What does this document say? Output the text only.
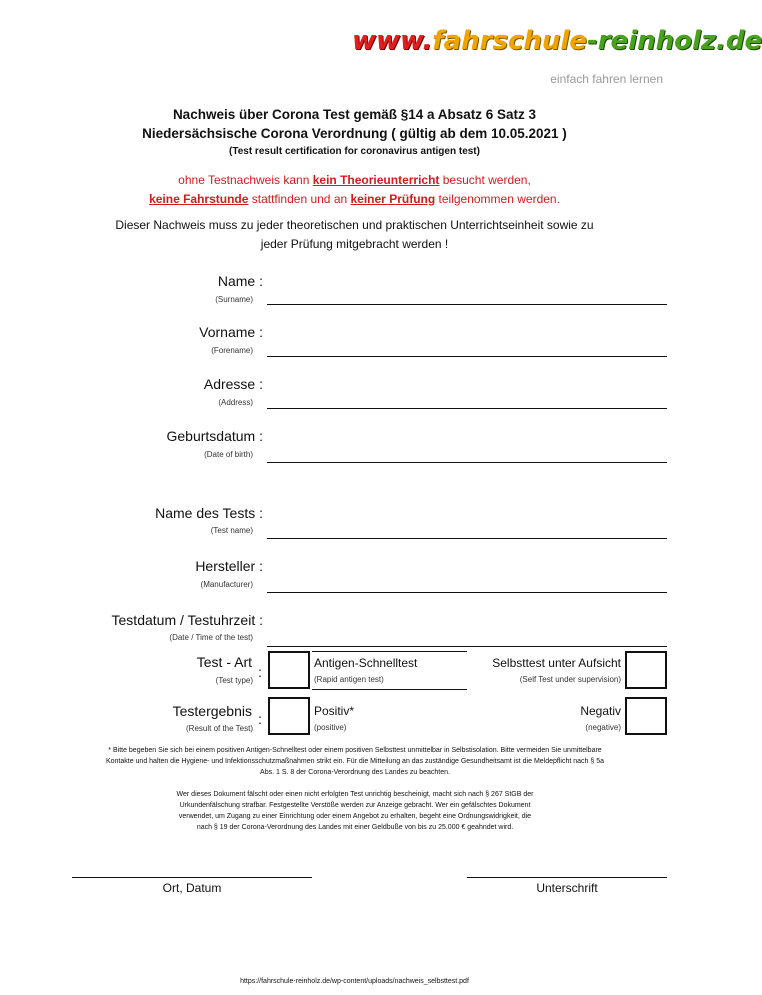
www.fahrschule-reinholz.de
einfach fahren lernen
Nachweis über Corona Test gemäß §14 a Absatz 6 Satz 3
Niedersächsische Corona Verordnung ( gültig ab dem 10.05.2021 )
(Test result certification for coronavirus antigen test)
ohne Testnachweis kann kein Theorieunterricht besucht werden,
keine Fahrstunde stattfinden und an keiner Prüfung teilgenommen werden.
Dieser Nachweis muss zu jeder theoretischen und praktischen Unterrichtseinheit sowie zu
jeder Prüfung mitgebracht werden !
Name :
(Surname)
Vorname :
(Forename)
Adresse :
(Address)
Geburtsdatum :
(Date of birth)
Name des Tests :
(Test name)
Hersteller :
(Manufacturer)
Testdatum / Testuhrzeit :
(Date / Time of the test)
Test - Art
(Test type)
:
Antigen-Schnelltest
(Rapid antigen test)
Selbsttest unter Aufsicht
(Self Test under supervision)
Testergebnis
(Result of the Test)
:	Positiv*
(positive)
Negativ
(negative)
* Bitte begeben Sie sich bei einem positiven Antigen-Schnelltest oder einem positiven Selbsttest unmittelbar in Selbstisolation. Bitte vermeiden Sie unmittelbare
Kontakte und halten die Hygiene- und Infektionsschutzmaßnahmen strikt ein. Für die Mitteilung an das zuständige Gesundheitsamt ist die Meldepflicht nach § 5a
Abs. 1 S. 8 der Corona-Verordnung des Landes zu beachten.
Wer dieses Dokument fälscht oder einen nicht erfolgten Test unrichtig bescheinigt, macht sich nach § 267 StGB der
Urkundenfälschung strafbar. Festgestellte Verstöße werden zur Anzeige gebracht. Wer ein gefälschtes Dokument
verwendet, um Zugang zu einer Einrichtung oder einem Angebot zu erhalten, begeht eine Ordnungswidrigkeit, die
nach § 19 der Corona-Verordnung des Landes mit einer Geldbuße von bis zu 25.000 € geahndet wird.
Ort, Datum	Unterschrift
https://fahrschule-reinholz.de/wp-content/uploads/nachweis_selbsttest.pdf
